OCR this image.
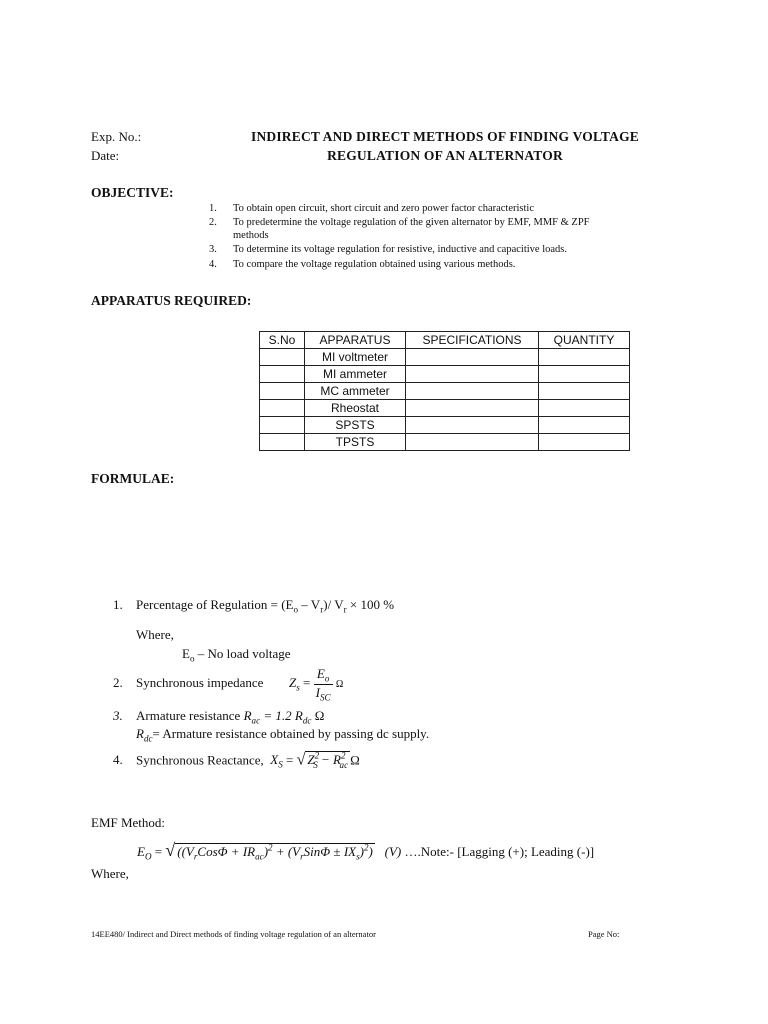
Exp. No.:
Date:
INDIRECT AND DIRECT METHODS OF FINDING VOLTAGE
REGULATION OF AN ALTERNATOR
OBJECTIVE:
1. To obtain open circuit, short circuit and zero power factor characteristic
2. To predetermine the voltage regulation of the given alternator by EMF, MMF & ZPF
methods
3. To determine its voltage regulation for resistive, inductive and capacitive loads.
4. To compare the voltage regulation obtained using various methods.
APPARATUS REQUIRED:
S.No	APPARATUS	SPECIFICATIONS	QUANTITY
	MI voltmeter		
	MI ammeter		
	MC ammeter		
	Rheostat		
	SPSTS		
	TPSTS		
FORMULAE:
1. Percentage of Regulation = $(E_o - V_r)/$ $V_r \times 100$ %
Where,
$E_o$ – No load voltage
2. Synchronous impedance $Z_s = \frac{E_o}{I_{SC}}$ Ω
3. Armature resistance $R_{ac} = 1.2$ $R_{dc}$ Ω
$R_{dc}=$ Armature resistance obtained by passing dc supply.
4. Synchronous Reactance,  $X_S$ = √ $Z^2_S - R^2_{ac}$ Ω
EMF Method:
$E_O$ = √ $((V_rCos\Phi + IR_{ac})^2 + (V_rSin\Phi \pm IX_s)^2)$ (V) ….Note:- [Lagging (+); Leading (-)]
Where,
14EE480/ Indirect and Direct methods of finding voltage regulation of an alternator	Page No:
